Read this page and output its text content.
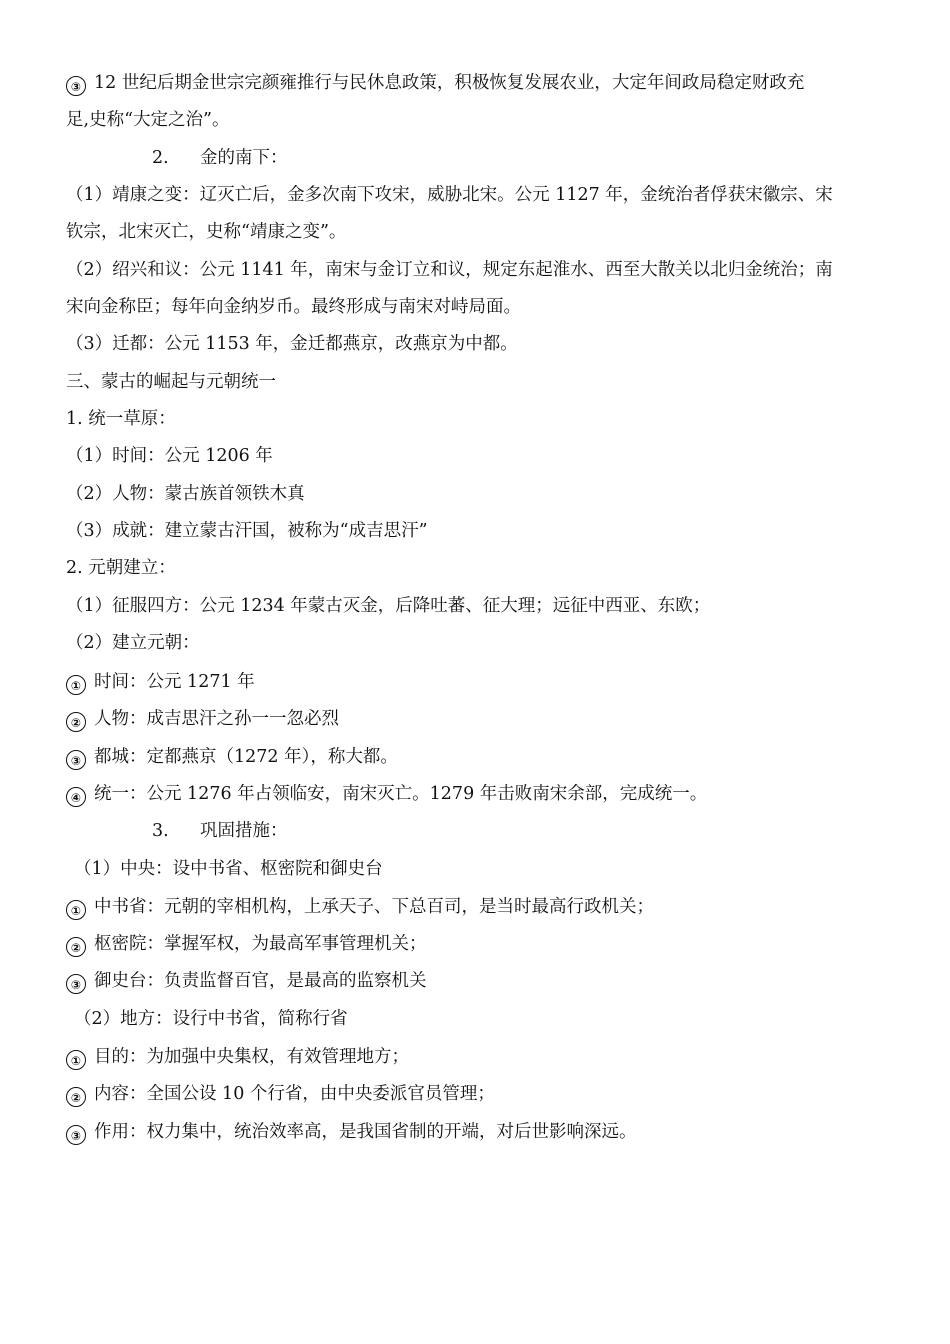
③ 12 世纪后期金世宗完颜雍推行与民休息政策，积极恢复发展农业，大定年间政局稳定财政充
足,史称“大定之治”。
2. 金的南下：
（1）靖康之变：辽灭亡后，金多次南下攻宋，威胁北宋。公元 1127 年，金统治者俘获宋徽宗、宋
钦宗，北宋灭亡，史称“靖康之变”。
（2）绍兴和议：公元 1141 年，南宋与金订立和议，规定东起淮水、西至大散关以北归金统治；南
宋向金称臣；每年向金纳岁币。最终形成与南宋对峙局面。
（3）迁都：公元 1153 年，金迁都燕京，改燕京为中都。
三、蒙古的崛起与元朝统一
1. 统一草原：
（1）时间：公元 1206 年
（2）人物：蒙古族首领铁木真
（3）成就：建立蒙古汗国，被称为“成吉思汗”
2. 元朝建立：
（1）征服四方：公元 1234 年蒙古灭金，后降吐蕃、征大理；远征中西亚、东欧；
（2）建立元朝：
① 时间：公元 1271 年
② 人物：成吉思汗之孙一一忽必烈
③ 都城：定都燕京（1272 年），称大都。
④ 统一：公元 1276 年占领临安，南宋灭亡。1279 年击败南宋余部，完成统一。
3. 巩固措施：
（1）中央：设中书省、枢密院和御史台
① 中书省：元朝的宰相机构，上承天子、下总百司，是当时最高行政机关；
② 枢密院：掌握军权，为最高军事管理机关；
③ 御史台：负责监督百官，是最高的监察机关
（2）地方：设行中书省，简称行省
① 目的：为加强中央集权，有效管理地方；
② 内容：全国公设 10 个行省，由中央委派官员管理；
③ 作用：权力集中，统治效率高，是我国省制的开端，对后世影响深远。
